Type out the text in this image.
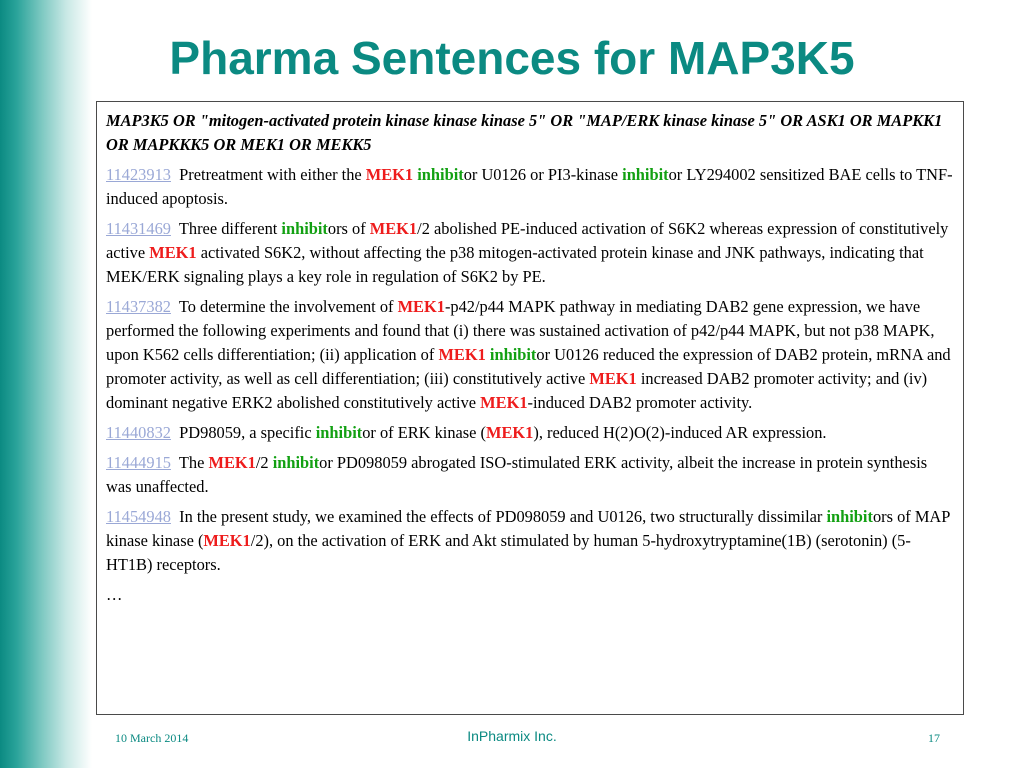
Pharma Sentences for MAP3K5

MAP3K5 OR "mitogen-activated protein kinase kinase kinase 5" OR "MAP/ERK kinase kinase 5" OR ASK1 OR MAPKK1 OR MAPKKK5 OR MEK1 OR MEKK5

11423913 Pretreatment with either the MEK1 inhibitor U0126 or PI3-kinase inhibitor LY294002 sensitized BAE cells to TNF-induced apoptosis.

11431469 Three different inhibitors of MEK1/2 abolished PE-induced activation of S6K2 whereas expression of constitutively active MEK1 activated S6K2, without affecting the p38 mitogen-activated protein kinase and JNK pathways, indicating that MEK/ERK signaling plays a key role in regulation of S6K2 by PE.

11437382 To determine the involvement of MEK1-p42/p44 MAPK pathway in mediating DAB2 gene expression, we have performed the following experiments and found that (i) there was sustained activation of p42/p44 MAPK, but not p38 MAPK, upon K562 cells differentiation; (ii) application of MEK1 inhibitor U0126 reduced the expression of DAB2 protein, mRNA and promoter activity, as well as cell differentiation; (iii) constitutively active MEK1 increased DAB2 promoter activity; and (iv) dominant negative ERK2 abolished constitutively active MEK1-induced DAB2 promoter activity.

11440832 PD98059, a specific inhibitor of ERK kinase (MEK1), reduced H(2)O(2)-induced AR expression.

11444915 The MEK1/2 inhibitor PD098059 abrogated ISO-stimulated ERK activity, albeit the increase in protein synthesis was unaffected.

11454948 In the present study, we examined the effects of PD098059 and U0126, two structurally dissimilar inhibitors of MAP kinase kinase (MEK1/2), on the activation of ERK and Akt stimulated by human 5-hydroxytryptamine(1B) (serotonin) (5-HT1B) receptors.

…

10 March 2014	InPharmix Inc.	17
